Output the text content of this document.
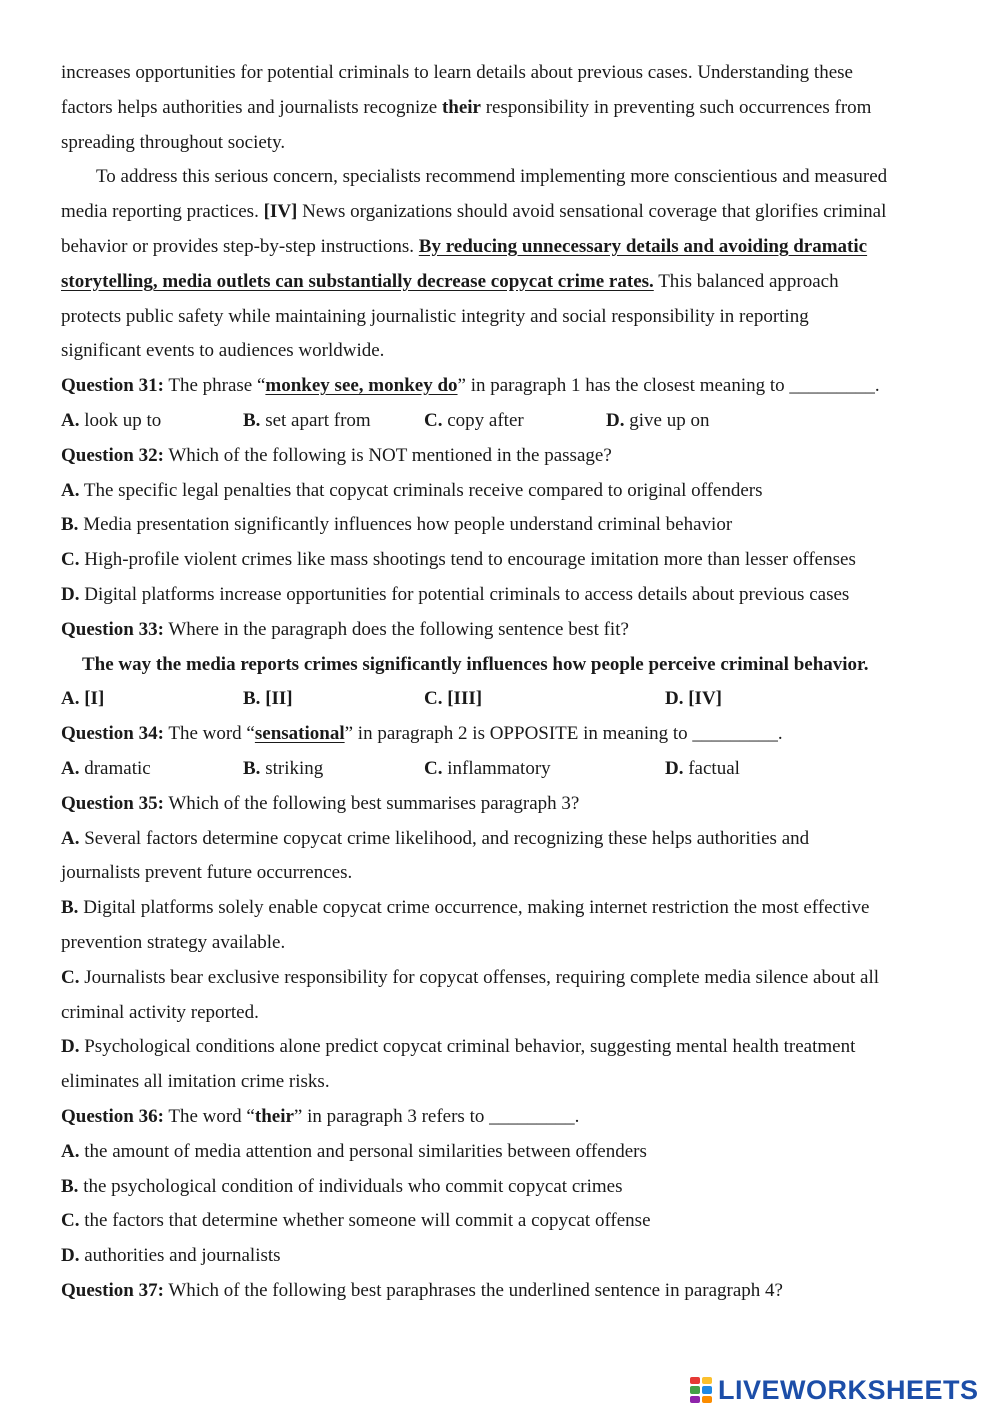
increases opportunities for potential criminals to learn details about previous cases. Understanding these
factors helps authorities and journalists recognize their responsibility in preventing such occurrences from
spreading throughout society.
To address this serious concern, specialists recommend implementing more conscientious and measured
media reporting practices. [IV] News organizations should avoid sensational coverage that glorifies criminal
behavior or provides step-by-step instructions. By reducing unnecessary details and avoiding dramatic
storytelling, media outlets can substantially decrease copycat crime rates. This balanced approach
protects public safety while maintaining journalistic integrity and social responsibility in reporting
significant events to audiences worldwide.
Question 31: The phrase “monkey see, monkey do” in paragraph 1 has the closest meaning to _________.
A. look up to	B. set apart from	C. copy after	D. give up on
Question 32: Which of the following is NOT mentioned in the passage?
A. The specific legal penalties that copycat criminals receive compared to original offenders
B. Media presentation significantly influences how people understand criminal behavior
C. High-profile violent crimes like mass shootings tend to encourage imitation more than lesser offenses
D. Digital platforms increase opportunities for potential criminals to access details about previous cases
Question 33: Where in the paragraph does the following sentence best fit?
The way the media reports crimes significantly influences how people perceive criminal behavior.
A. [I]	B. [II]	C. [III]	D. [IV]
Question 34: The word “sensational” in paragraph 2 is OPPOSITE in meaning to _________.
A. dramatic	B. striking	C. inflammatory	D. factual
Question 35: Which of the following best summarises paragraph 3?
A. Several factors determine copycat crime likelihood, and recognizing these helps authorities and
journalists prevent future occurrences.
B. Digital platforms solely enable copycat crime occurrence, making internet restriction the most effective
prevention strategy available.
C. Journalists bear exclusive responsibility for copycat offenses, requiring complete media silence about all
criminal activity reported.
D. Psychological conditions alone predict copycat criminal behavior, suggesting mental health treatment
eliminates all imitation crime risks.
Question 36: The word “their” in paragraph 3 refers to _________.
A. the amount of media attention and personal similarities between offenders
B. the psychological condition of individuals who commit copycat crimes
C. the factors that determine whether someone will commit a copycat offense
D. authorities and journalists
Question 37: Which of the following best paraphrases the underlined sentence in paragraph 4?
LIVEWORKSHEETS
